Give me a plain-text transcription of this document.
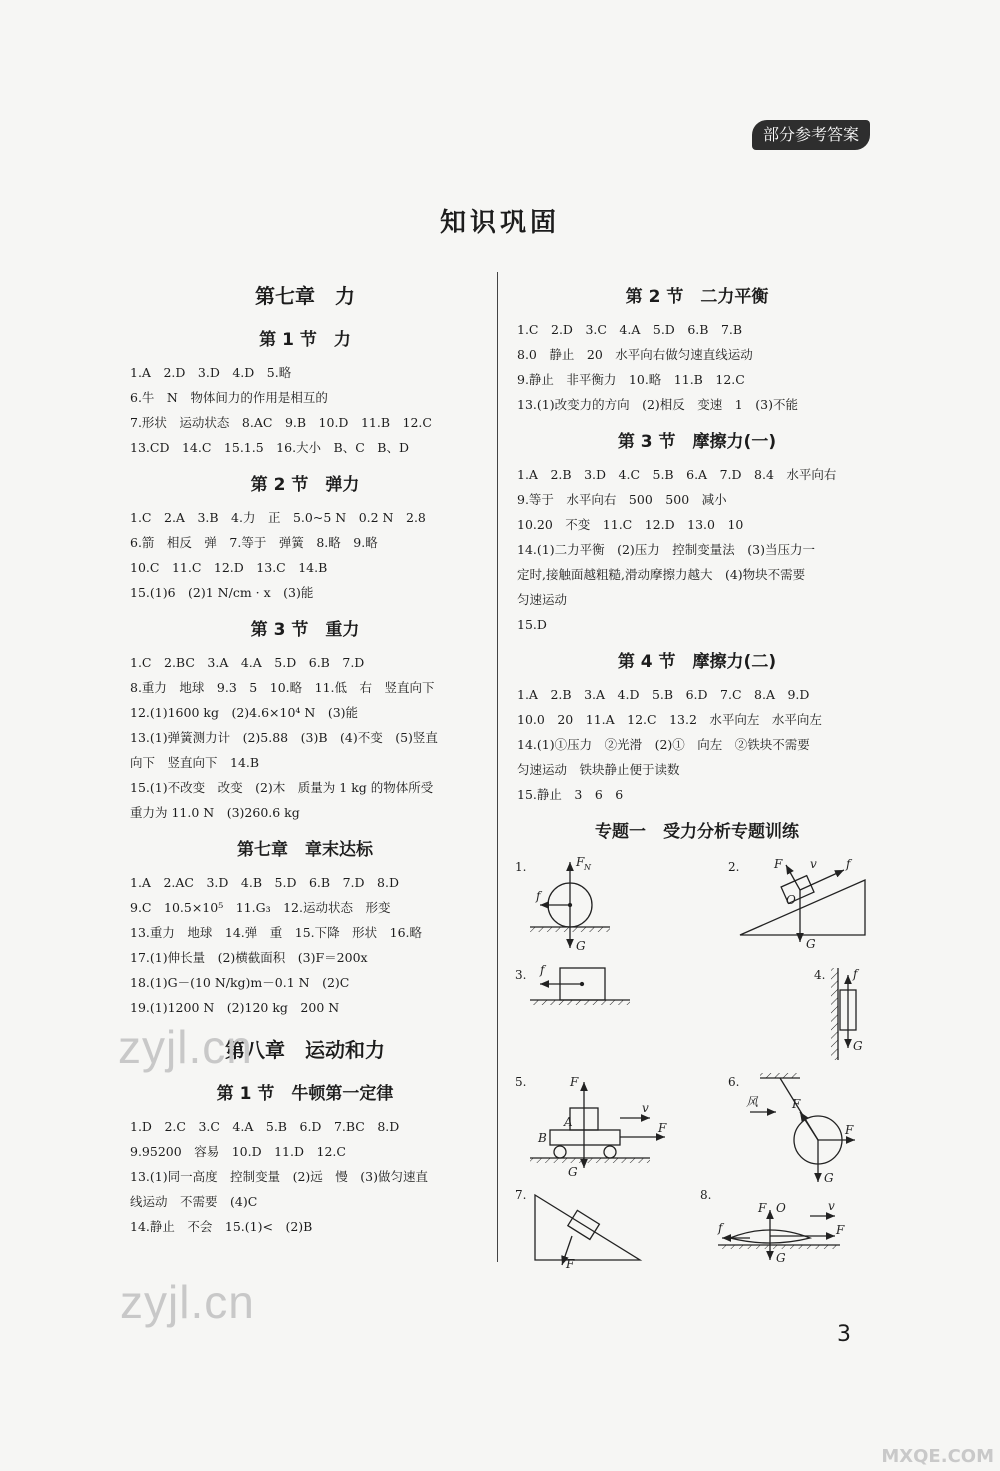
部分参考答案
知识巩固
第七章　力
第 1 节　力
1.A　2.D　3.D　4.D　5.略
6.牛　N　物体间力的作用是相互的
7.形状　运动状态　8.AC　9.B　10.D　11.B　12.C
13.CD　14.C　15.1.5　16.大小　B、C　B、D
第 2 节　弹力
1.C　2.A　3.B　4.力　正　5.0~5 N　0.2 N　2.8
6.箭　相反　弹　7.等于　弹簧　8.略　9.略
10.C　11.C　12.D　13.C　14.B
15.(1)6　(2)1 N/cm · x　(3)能
第 3 节　重力
1.C　2.BC　3.A　4.A　5.D　6.B　7.D
8.重力　地球　9.3　5　10.略　11.低　右　竖直向下
12.(1)1600 kg　(2)4.6×10⁴ N　(3)能
13.(1)弹簧测力计　(2)5.88　(3)B　(4)不变　(5)竖直
向下　竖直向下　14.B
15.(1)不改变　改变　(2)木　质量为 1 kg 的物体所受
重力为 11.0 N　(3)260.6 kg
第七章　章末达标
1.A　2.AC　3.D　4.B　5.D　6.B　7.D　8.D
9.C　10.5×10⁵　11.G₃　12.运动状态　形变
13.重力　地球　14.弹　重　15.下降　形状　16.略
17.(1)伸长量　(2)横截面积　(3)F＝200x
18.(1)G－(10 N/kg)m－0.1 N　(2)C
19.(1)1200 N　(2)120 kg　200 N
第八章　运动和力
第 1 节　牛顿第一定律
1.D　2.C　3.C　4.A　5.B　6.D　7.BC　8.D
9.95200　容易　10.D　11.D　12.C
13.(1)同一高度　控制变量　(2)远　慢　(3)做匀速直
线运动　不需要　(4)C
14.静止　不会　15.(1)<　(2)B
第 2 节　二力平衡
1.C　2.D　3.C　4.A　5.D　6.B　7.B
8.0　静止　20　水平向右做匀速直线运动
9.静止　非平衡力　10.略　11.B　12.C
13.(1)改变力的方向　(2)相反　变速　1　(3)不能
第 3 节　摩擦力(一)
1.A　2.B　3.D　4.C　5.B　6.A　7.D　8.4　水平向右
9.等于　水平向右　500　500　减小
10.20　不变　11.C　12.D　13.0　10
14.(1)二力平衡　(2)压力　控制变量法　(3)当压力一
定时,接触面越粗糙,滑动摩擦力越大　(4)物块不需要
匀速运动
15.D
第 4 节　摩擦力(二)
1.A　2.B　3.A　4.D　5.B　6.D　7.C　8.A　9.D
10.0　20　11.A　12.C　13.2　水平向左　水平向左
14.(1)①压力　②光滑　(2)①　向左　②铁块不需要
匀速运动　铁块静止便于读数
15.静止　3　6　6
专题一　受力分析专题训练
F N
f
G
F v f
O
G
f	f
G
F
A
B
v
F
G
风	F
F
G
F
F O	v
F
f
G
1.	2.
3.	4.
5.	6.
7.	8.
3
zyjl.cn
zyjl.cn
MXQE.COM
